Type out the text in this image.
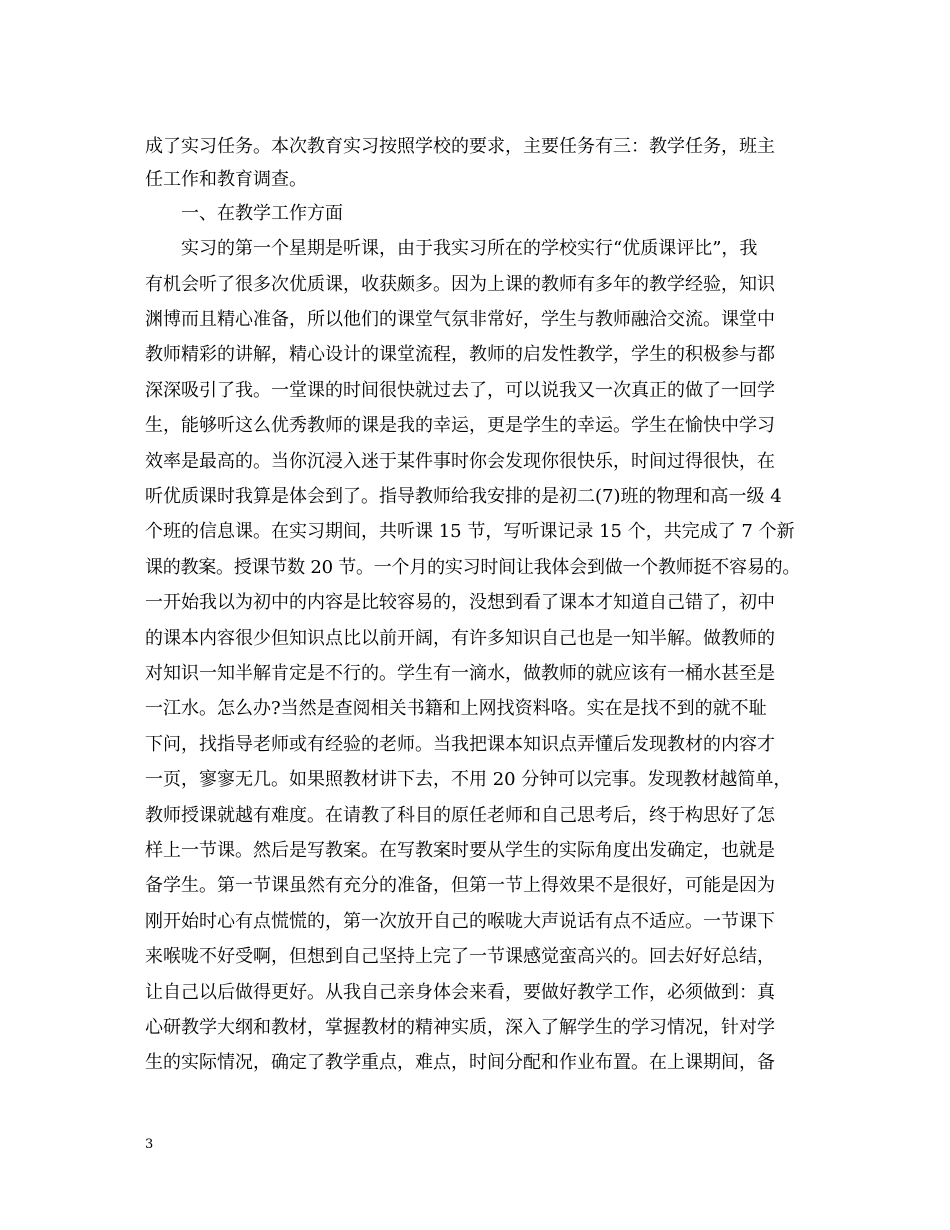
成了实习任务。本次教育实习按照学校的要求，主要任务有三：教学任务，班主
任工作和教育调查。
　　一、在教学工作方面
　　实习的第一个星期是听课，由于我实习所在的学校实行“优质课评比”，我
有机会听了很多次优质课，收获颇多。因为上课的教师有多年的教学经验，知识
渊博而且精心准备，所以他们的课堂气氛非常好，学生与教师融洽交流。课堂中
教师精彩的讲解，精心设计的课堂流程，教师的启发性教学，学生的积极参与都
深深吸引了我。一堂课的时间很快就过去了，可以说我又一次真正的做了一回学
生，能够听这么优秀教师的课是我的幸运，更是学生的幸运。学生在愉快中学习
效率是最高的。当你沉浸入迷于某件事时你会发现你很快乐，时间过得很快，在
听优质课时我算是体会到了。指导教师给我安排的是初二(7)班的物理和高一级 4
个班的信息课。在实习期间，共听课 15 节，写听课记录 15 个，共完成了 7 个新
课的教案。授课节数 20 节。一个月的实习时间让我体会到做一个教师挺不容易的。
一开始我以为初中的内容是比较容易的，没想到看了课本才知道自己错了，初中
的课本内容很少但知识点比以前开阔，有许多知识自己也是一知半解。做教师的
对知识一知半解肯定是不行的。学生有一滴水，做教师的就应该有一桶水甚至是
一江水。怎么办?当然是查阅相关书籍和上网找资料咯。实在是找不到的就不耻
下问，找指导老师或有经验的老师。当我把课本知识点弄懂后发现教材的内容才
一页，寥寥无几。如果照教材讲下去，不用 20 分钟可以完事。发现教材越简单，
教师授课就越有难度。在请教了科目的原任老师和自己思考后，终于构思好了怎
样上一节课。然后是写教案。在写教案时要从学生的实际角度出发确定，也就是
备学生。第一节课虽然有充分的准备，但第一节上得效果不是很好，可能是因为
刚开始时心有点慌慌的，第一次放开自己的喉咙大声说话有点不适应。一节课下
来喉咙不好受啊，但想到自己坚持上完了一节课感觉蛮高兴的。回去好好总结，
让自己以后做得更好。从我自己亲身体会来看，要做好教学工作，必须做到：真
心研教学大纲和教材，掌握教材的精神实质，深入了解学生的学习情况，针对学
生的实际情况，确定了教学重点，难点，时间分配和作业布置。在上课期间，备
3
